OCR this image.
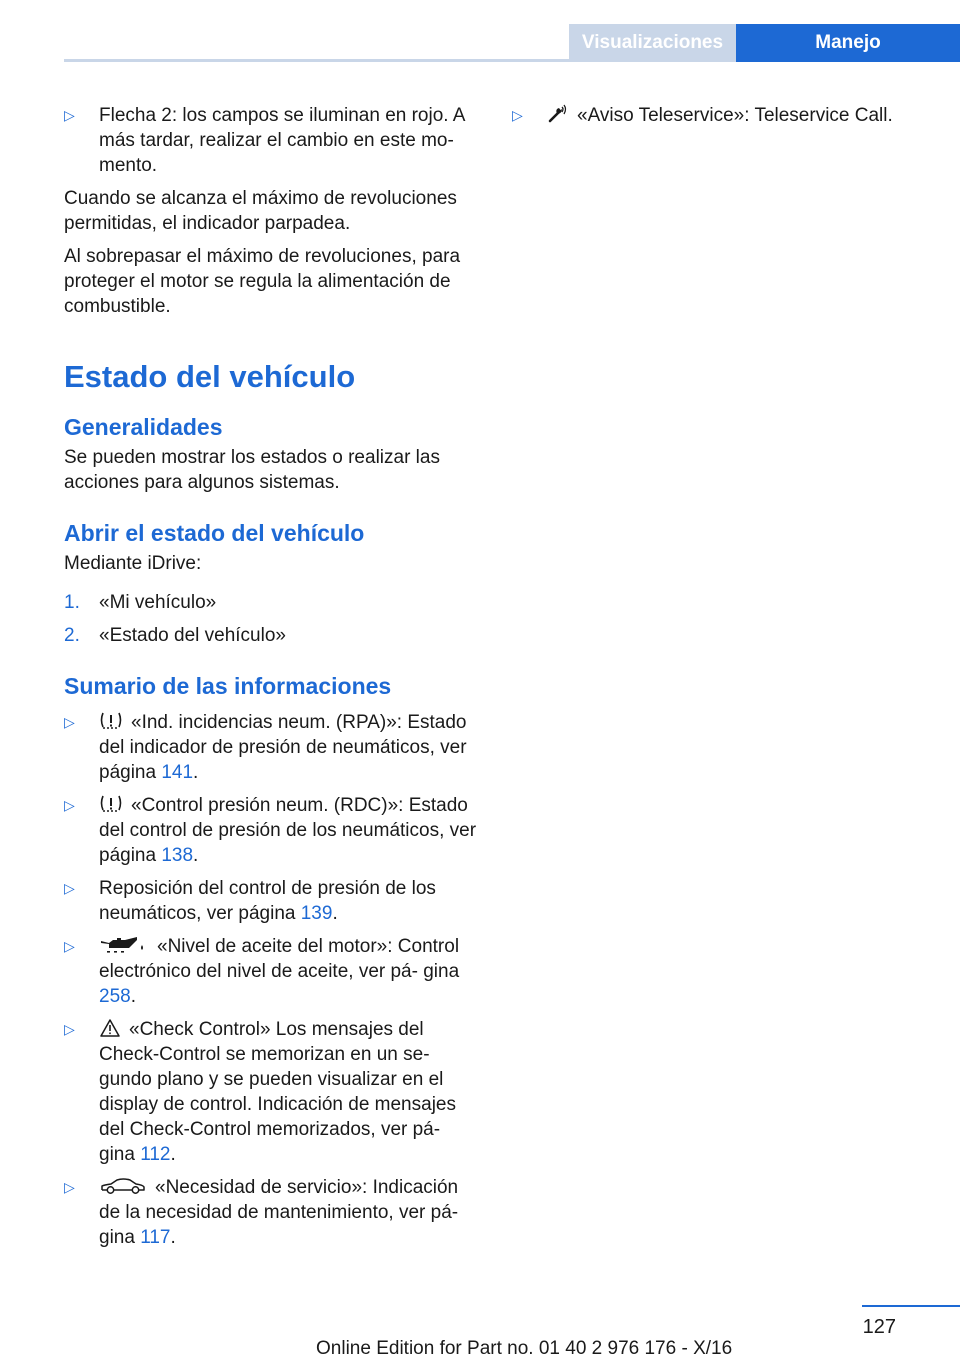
Visualizaciones	Manejo
▷	Flecha 2: los campos se iluminan en rojo. A más tardar, realizar el cambio en este mo‐ mento.
Cuando se alcanza el máximo de revoluciones permitidas, el indicador parpadea.
Al sobrepasar el máximo de revoluciones, para proteger el motor se regula la alimentación de combustible.
Estado del vehículo
Generalidades
Se pueden mostrar los estados o realizar las acciones para algunos sistemas.
Abrir el estado del vehículo
Mediante iDrive:
1.	«Mi vehículo»
2.	«Estado del vehículo»
Sumario de las informaciones
▷	«Ind. incidencias neum. (RPA)»: Estado del indicador de presión de neumáticos, ver página 141.
▷	«Control presión neum. (RDC)»: Estado del control de presión de los neumáticos, ver página 138.
▷	Reposición del control de presión de los neumáticos, ver página 139.
▷	«Nivel de aceite del motor»: Control electrónico del nivel de aceite, ver pá‐ gina 258.
▷	«Check Control» Los mensajes del Check-Control se memorizan en un se‐ gundo plano y se pueden visualizar en el display de control. Indicación de mensajes del Check-Control memorizados, ver pá‐ gina 112.
▷	«Necesidad de servicio»: Indicación de la necesidad de mantenimiento, ver pá‐ gina 117.
▷	«Aviso Teleservice»: Teleservice Call.
127
Online Edition for Part no. 01 40 2 976 176 - X/16
